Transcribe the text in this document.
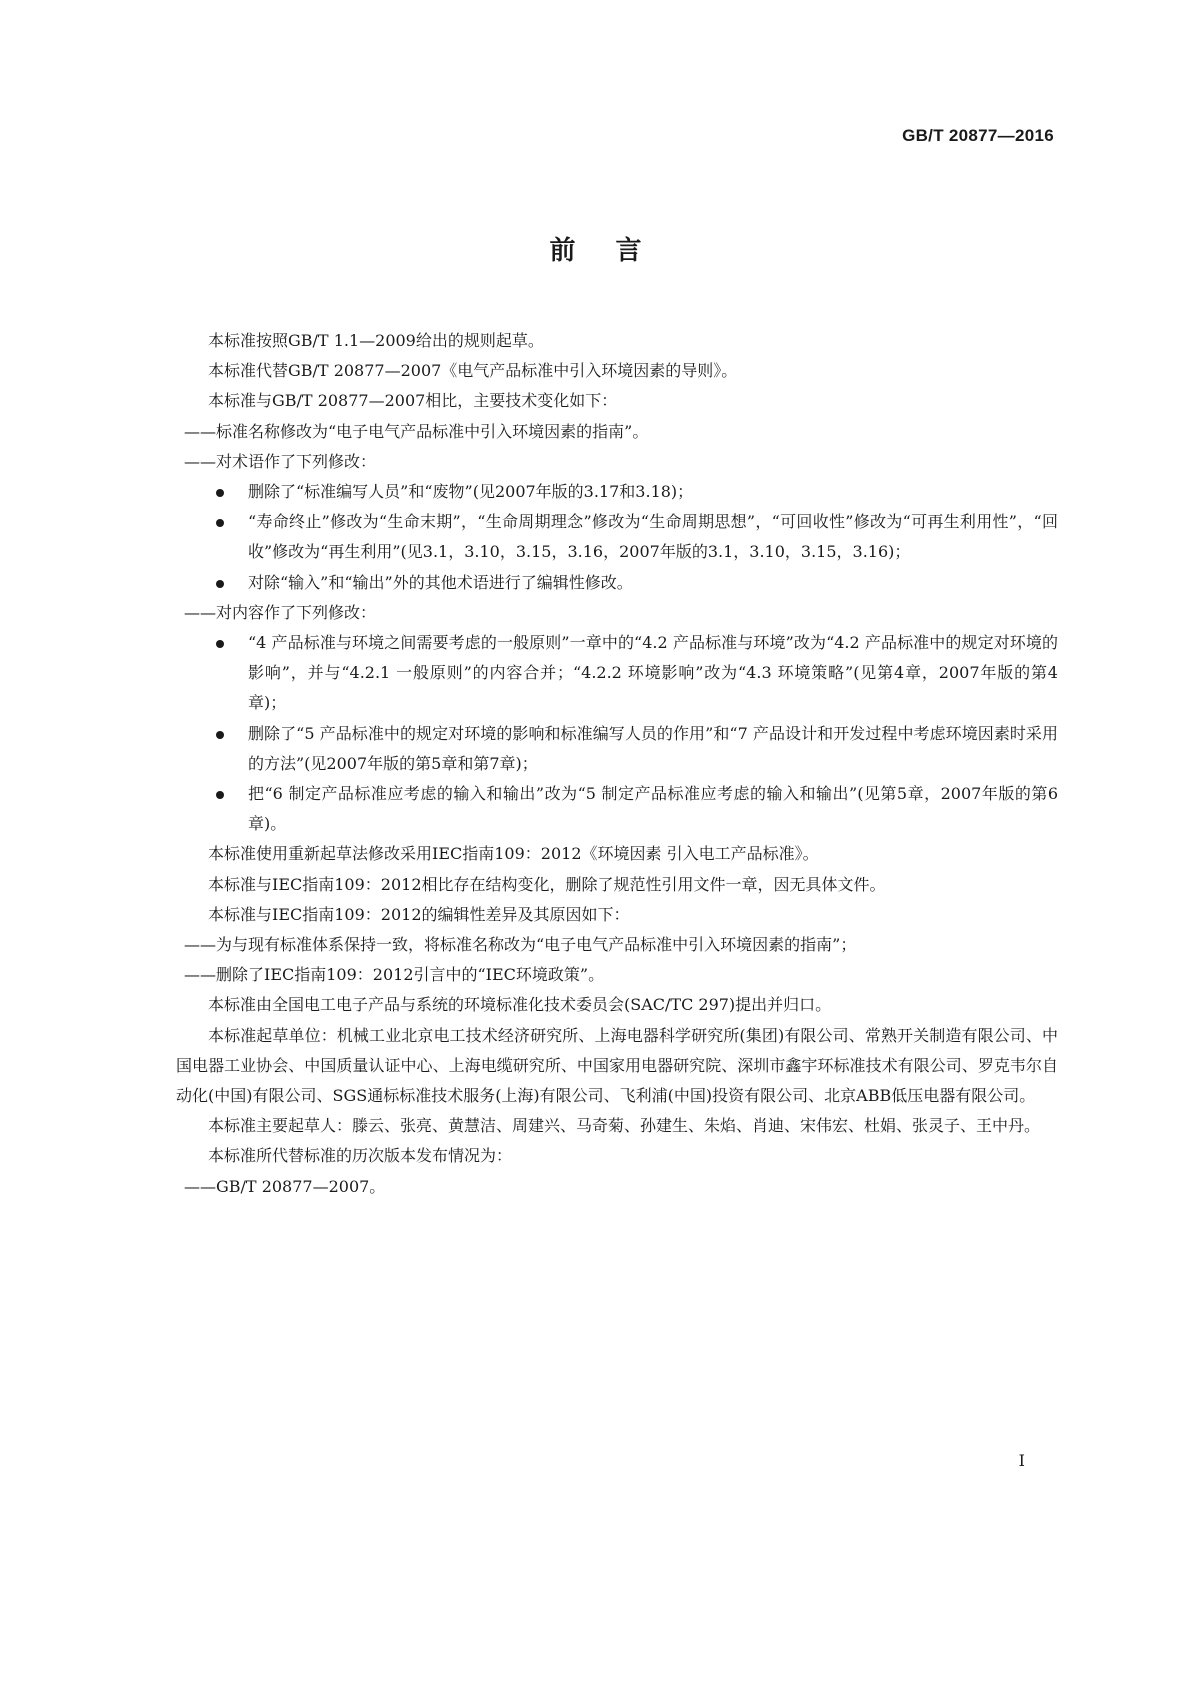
GB/T 20877—2016

前言

本标准按照GB/T 1.1—2009给出的规则起草。

本标准代替GB/T 20877—2007《电气产品标准中引入环境因素的导则》。

本标准与GB/T 20877—2007相比，主要技术变化如下：

——标准名称修改为“电子电气产品标准中引入环境因素的指南”。

——对术语作了下列修改：

删除了“标准编写人员”和“废物”(见2007年版的3.17和3.18)；
“寿命终止”修改为“生命末期”，“生命周期理念”修改为“生命周期思想”，“可回收性”修改为“可再生利用性”，“回收”修改为“再生利用”(见3.1，3.10，3.15，3.16，2007年版的3.1，3.10，3.15，3.16)；
对除“输入”和“输出”外的其他术语进行了编辑性修改。

——对内容作了下列修改：

“4 产品标准与环境之间需要考虑的一般原则”一章中的“4.2 产品标准与环境”改为“4.2 产品标准中的规定对环境的影响”，并与“4.2.1 一般原则”的内容合并；“4.2.2 环境影响”改为“4.3 环境策略”(见第4章，2007年版的第4章)；
删除了“5 产品标准中的规定对环境的影响和标准编写人员的作用”和“7 产品设计和开发过程中考虑环境因素时采用的方法”(见2007年版的第5章和第7章)；
把“6 制定产品标准应考虑的输入和输出”改为“5 制定产品标准应考虑的输入和输出”(见第5章，2007年版的第6章)。

本标准使用重新起草法修改采用IEC指南109：2012《环境因素 引入电工产品标准》。

本标准与IEC指南109：2012相比存在结构变化，删除了规范性引用文件一章，因无具体文件。

本标准与IEC指南109：2012的编辑性差异及其原因如下：

——为与现有标准体系保持一致，将标准名称改为“电子电气产品标准中引入环境因素的指南”；

——删除了IEC指南109：2012引言中的“IEC环境政策”。

本标准由全国电工电子产品与系统的环境标准化技术委员会(SAC/TC 297)提出并归口。

本标准起草单位：机械工业北京电工技术经济研究所、上海电器科学研究所(集团)有限公司、常熟开关制造有限公司、中国电器工业协会、中国质量认证中心、上海电缆研究所、中国家用电器研究院、深圳市鑫宇环标准技术有限公司、罗克韦尔自动化(中国)有限公司、SGS通标标准技术服务(上海)有限公司、飞利浦(中国)投资有限公司、北京ABB低压电器有限公司。

本标准主要起草人：滕云、张亮、黄慧洁、周建兴、马奇菊、孙建生、朱焰、肖迪、宋伟宏、杜娟、张灵子、王中丹。

本标准所代替标准的历次版本发布情况为：

——GB/T 20877—2007。

I
